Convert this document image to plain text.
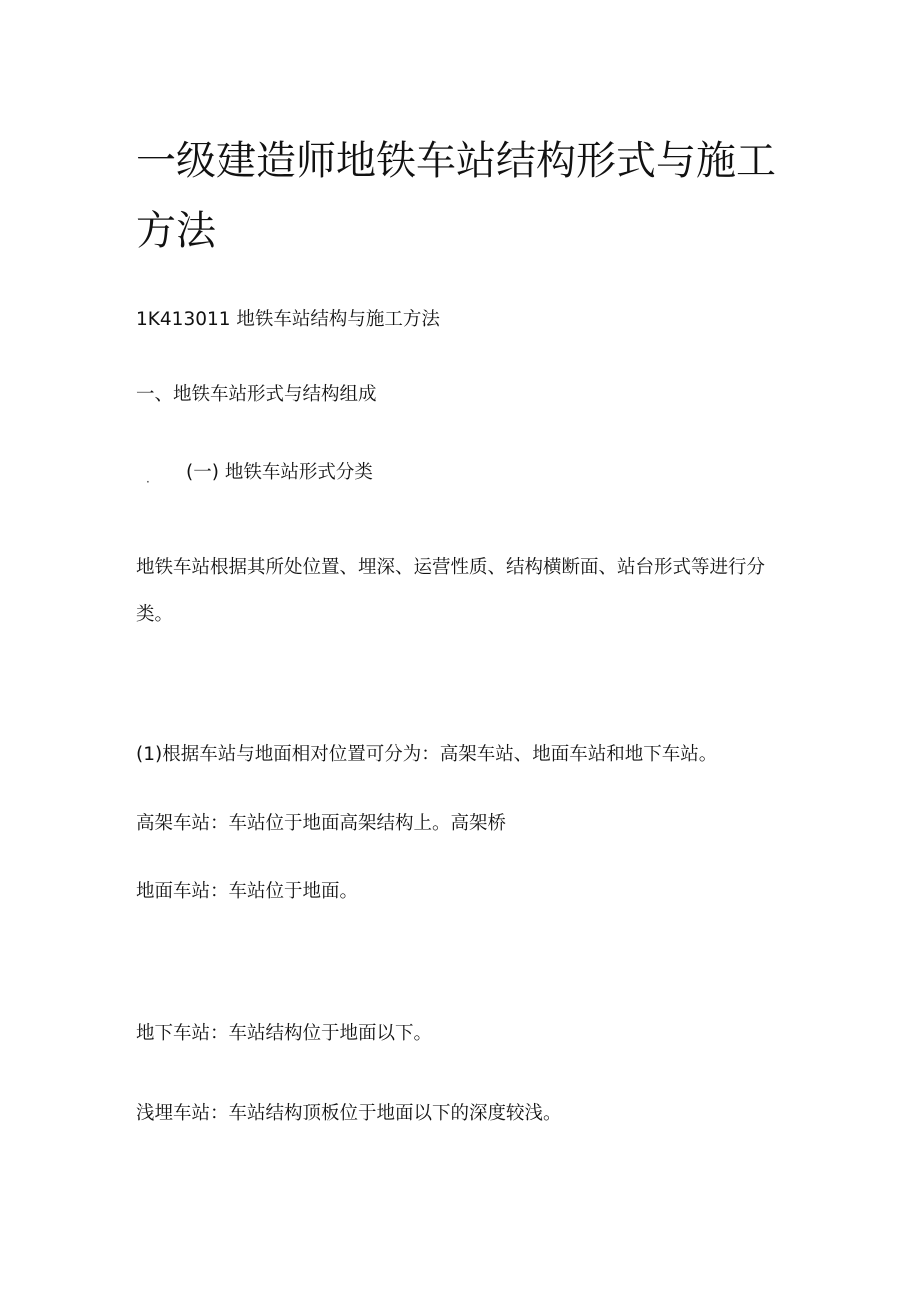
一级建造师地铁车站结构形式与施工方法

1K413011 地铁车站结构与施工方法

一、地铁车站形式与结构组成

· (一) 地铁车站形式分类

地铁车站根据其所处位置、埋深、运营性质、结构横断面、站台形式等进行分类。

(1)根据车站与地面相对位置可分为：高架车站、地面车站和地下车站。

高架车站：车站位于地面高架结构上。高架桥

地面车站：车站位于地面。

地下车站：车站结构位于地面以下。

浅埋车站：车站结构顶板位于地面以下的深度较浅。
